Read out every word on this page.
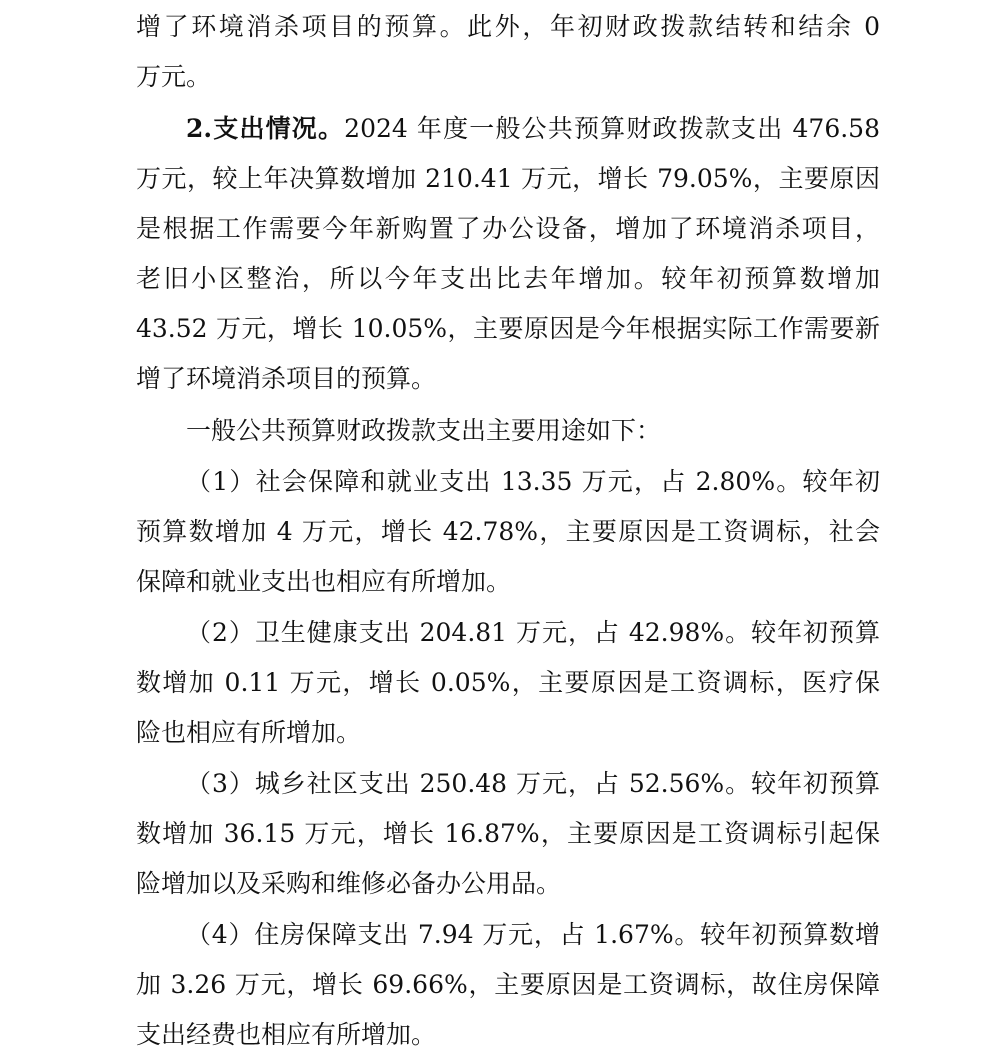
增了环境消杀项目的预算。此外，年初财政拨款结转和结余 0
万元。
2.支出情况。2024 年度一般公共预算财政拨款支出 476.58
万元，较上年决算数增加 210.41 万元，增长 79.05%，主要原因
是根据工作需要今年新购置了办公设备，增加了环境消杀项目，
老旧小区整治，所以今年支出比去年增加。较年初预算数增加
43.52 万元，增长 10.05%，主要原因是今年根据实际工作需要新
增了环境消杀项目的预算。
一般公共预算财政拨款支出主要用途如下：
（1）社会保障和就业支出 13.35 万元，占 2.80%。较年初
预算数增加 4 万元，增长 42.78%，主要原因是工资调标，社会
保障和就业支出也相应有所增加。
（2）卫生健康支出 204.81 万元，占 42.98%。较年初预算
数增加 0.11 万元，增长 0.05%，主要原因是工资调标，医疗保
险也相应有所增加。
（3）城乡社区支出 250.48 万元，占 52.56%。较年初预算
数增加 36.15 万元，增长 16.87%，主要原因是工资调标引起保
险增加以及采购和维修必备办公用品。
（4）住房保障支出 7.94 万元，占 1.67%。较年初预算数增
加 3.26 万元，增长 69.66%，主要原因是工资调标，故住房保障
支出经费也相应有所增加。
